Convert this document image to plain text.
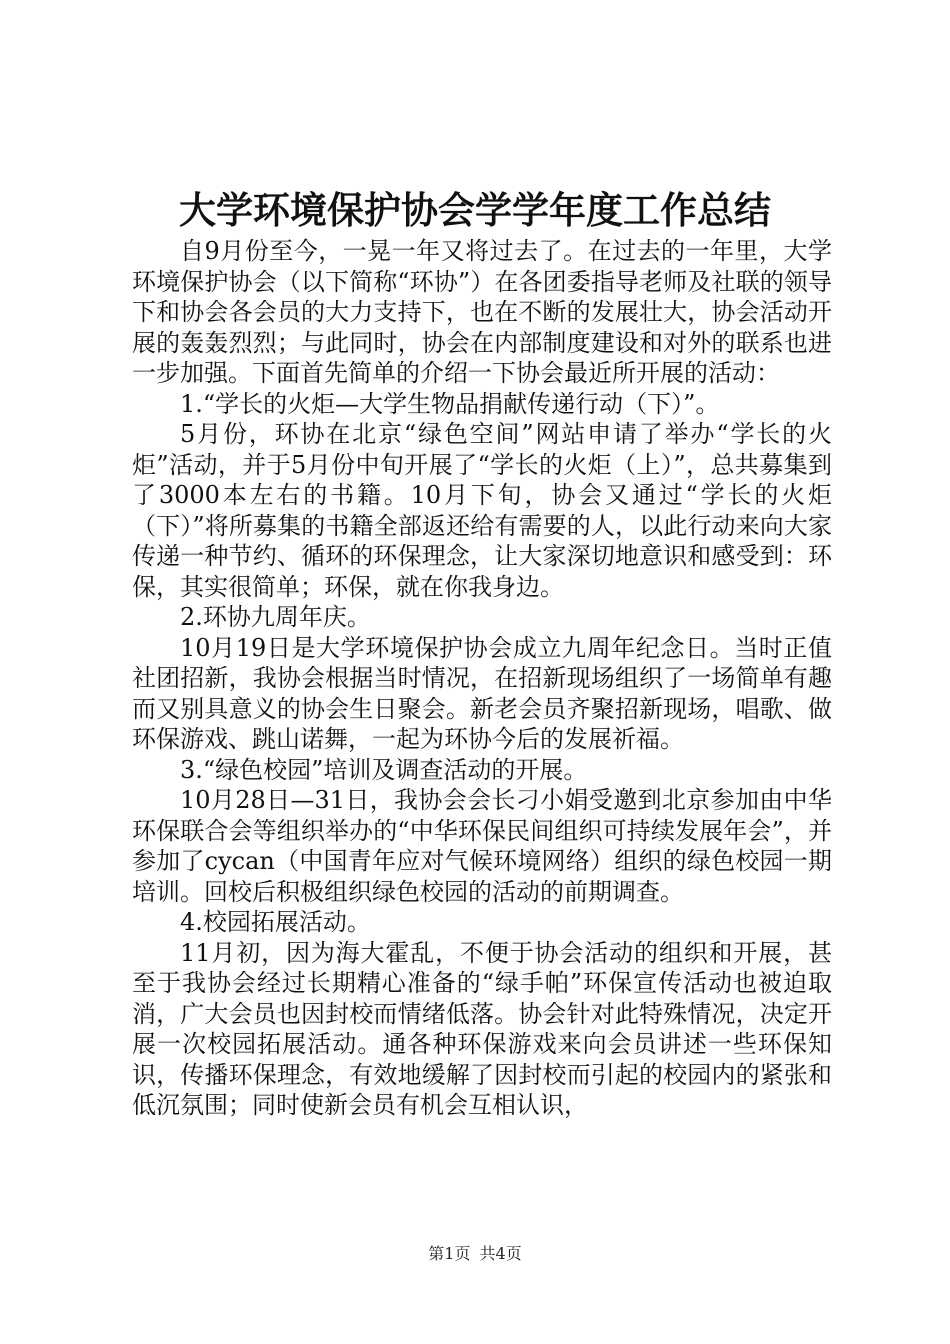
大学环境保护协会学学年度工作总结

自9月份至今，一晃一年又将过去了。在过去的一年里，大学环境保护协会（以下简称“环协”）在各团委指导老师及社联的领导下和协会各会员的大力支持下，也在不断的发展壮大，协会活动开展的轰轰烈烈；与此同时，协会在内部制度建设和对外的联系也进一步加强。下面首先简单的介绍一下协会最近所开展的活动：

1.“学长的火炬—大学生物品捐献传递行动（下）”。

5月份，环协在北京“绿色空间”网站申请了举办“学长的火炬”活动，并于5月份中旬开展了“学长的火炬（上）”，总共募集到了3000本左右的书籍。10月下旬，协会又通过“学长的火炬（下）”将所募集的书籍全部返还给有需要的人，以此行动来向大家传递一种节约、循环的环保理念，让大家深切地意识和感受到：环保，其实很简单；环保，就在你我身边。

2.环协九周年庆。

10月19日是大学环境保护协会成立九周年纪念日。当时正值社团招新，我协会根据当时情况，在招新现场组织了一场简单有趣而又别具意义的协会生日聚会。新老会员齐聚招新现场，唱歌、做环保游戏、跳山诺舞，一起为环协今后的发展祈福。

3.“绿色校园”培训及调查活动的开展。

10月28日—31日，我协会会长刁小娟受邀到北京参加由中华环保联合会等组织举办的“中华环保民间组织可持续发展年会”，并参加了cycan（中国青年应对气候环境网络）组织的绿色校园一期培训。回校后积极组织绿色校园的活动的前期调查。

4.校园拓展活动。

11月初，因为海大霍乱，不便于协会活动的组织和开展，甚至于我协会经过长期精心准备的“绿手帕”环保宣传活动也被迫取消，广大会员也因封校而情绪低落。协会针对此特殊情况，决定开展一次校园拓展活动。通各种环保游戏来向会员讲述一些环保知识，传播环保理念，有效地缓解了因封校而引起的校园内的紧张和低沉氛围；同时使新会员有机会互相认识，

第1页 共4页
